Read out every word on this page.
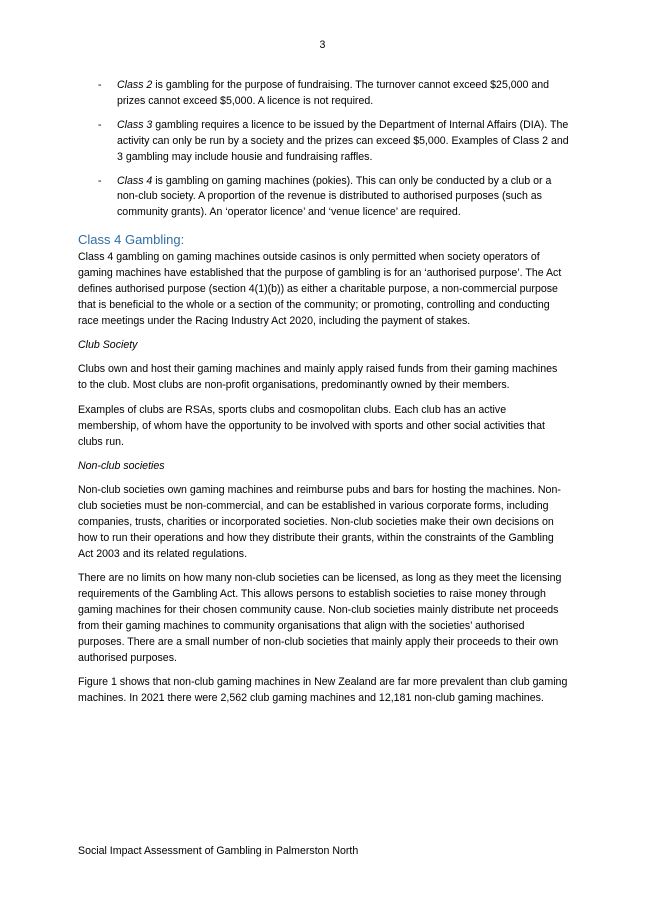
3
- Class 2 is gambling for the purpose of fundraising. The turnover cannot exceed $25,000 and prizes cannot exceed $5,000. A licence is not required.
- Class 3 gambling requires a licence to be issued by the Department of Internal Affairs (DIA). The activity can only be run by a society and the prizes can exceed $5,000. Examples of Class 2 and 3 gambling may include housie and fundraising raffles.
- Class 4 is gambling on gaming machines (pokies). This can only be conducted by a club or a non-club society. A proportion of the revenue is distributed to authorised purposes (such as community grants). An ‘operator licence’ and ‘venue licence’ are required.
Class 4 Gambling:

Class 4 gambling on gaming machines outside casinos is only permitted when society operators of gaming machines have established that the purpose of gambling is for an ‘authorised purpose’. The Act defines authorised purpose (section 4(1)(b)) as either a charitable purpose, a non-commercial purpose that is beneficial to the whole or a section of the community; or promoting, controlling and conducting race meetings under the Racing Industry Act 2020, including the payment of stakes.

Club Society

Clubs own and host their gaming machines and mainly apply raised funds from their gaming machines to the club. Most clubs are non-profit organisations, predominantly owned by their members.

Examples of clubs are RSAs, sports clubs and cosmopolitan clubs. Each club has an active membership, of whom have the opportunity to be involved with sports and other social activities that clubs run.

Non-club societies

Non-club societies own gaming machines and reimburse pubs and bars for hosting the machines. Non-club societies must be non-commercial, and can be established in various corporate forms, including companies, trusts, charities or incorporated societies. Non-club societies make their own decisions on how to run their operations and how they distribute their grants, within the constraints of the Gambling Act 2003 and its related regulations.

There are no limits on how many non-club societies can be licensed, as long as they meet the licensing requirements of the Gambling Act. This allows persons to establish societies to raise money through gaming machines for their chosen community cause. Non-club societies mainly distribute net proceeds from their gaming machines to community organisations that align with the societies’ authorised purposes. There are a small number of non-club societies that mainly apply their proceeds to their own authorised purposes.

Figure 1 shows that non-club gaming machines in New Zealand are far more prevalent than club gaming machines. In 2021 there were 2,562 club gaming machines and 12,181 non-club gaming machines.

Social Impact Assessment of Gambling in Palmerston North
